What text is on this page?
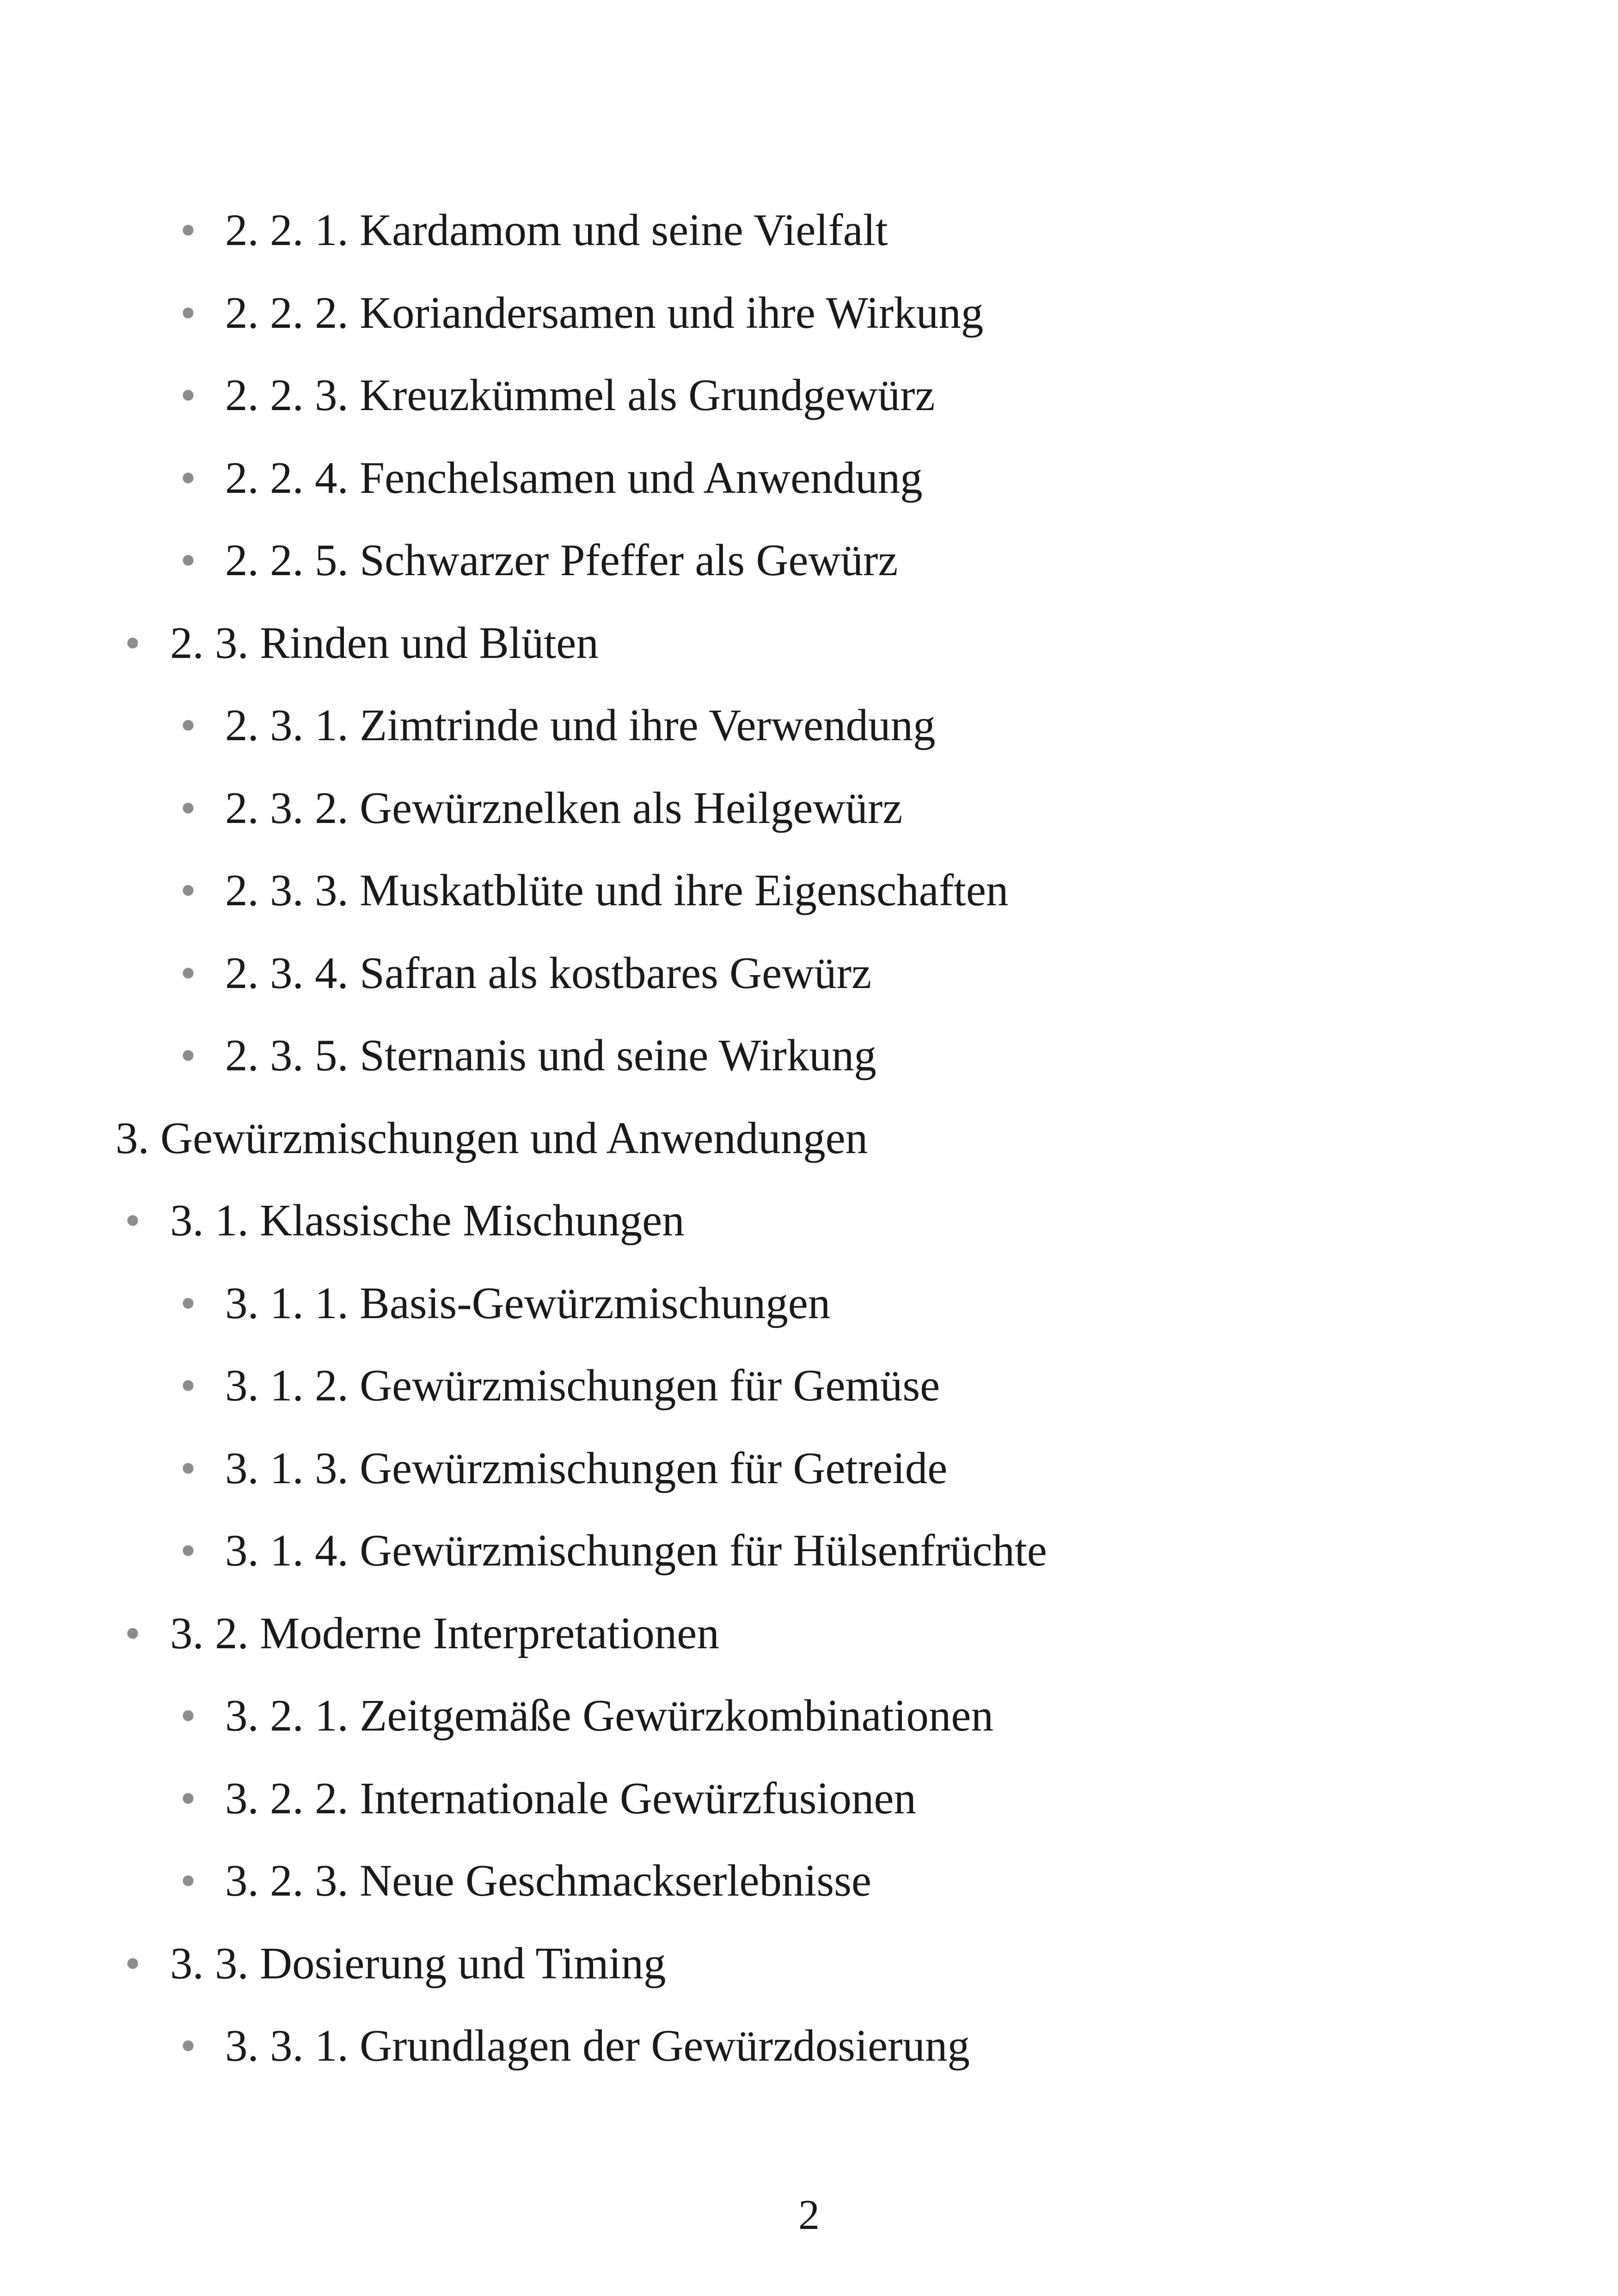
• 2. 2. 1. Kardamom und seine Vielfalt
• 2. 2. 2. Koriandersamen und ihre Wirkung
• 2. 2. 3. Kreuzkümmel als Grundgewürz
• 2. 2. 4. Fenchelsamen und Anwendung
• 2. 2. 5. Schwarzer Pfeffer als Gewürz
• 2. 3. Rinden und Blüten
• 2. 3. 1. Zimtrinde und ihre Verwendung
• 2. 3. 2. Gewürznelken als Heilgewürz
• 2. 3. 3. Muskatblüte und ihre Eigenschaften
• 2. 3. 4. Safran als kostbares Gewürz
• 2. 3. 5. Sternanis und seine Wirkung
3. Gewürzmischungen und Anwendungen
• 3. 1. Klassische Mischungen
• 3. 1. 1. Basis-Gewürzmischungen
• 3. 1. 2. Gewürzmischungen für Gemüse
• 3. 1. 3. Gewürzmischungen für Getreide
• 3. 1. 4. Gewürzmischungen für Hülsenfrüchte
• 3. 2. Moderne Interpretationen
• 3. 2. 1. Zeitgemäße Gewürzkombinationen
• 3. 2. 2. Internationale Gewürzfusionen
• 3. 2. 3. Neue Geschmackserlebnisse
• 3. 3. Dosierung und Timing
• 3. 3. 1. Grundlagen der Gewürzdosierung
2
